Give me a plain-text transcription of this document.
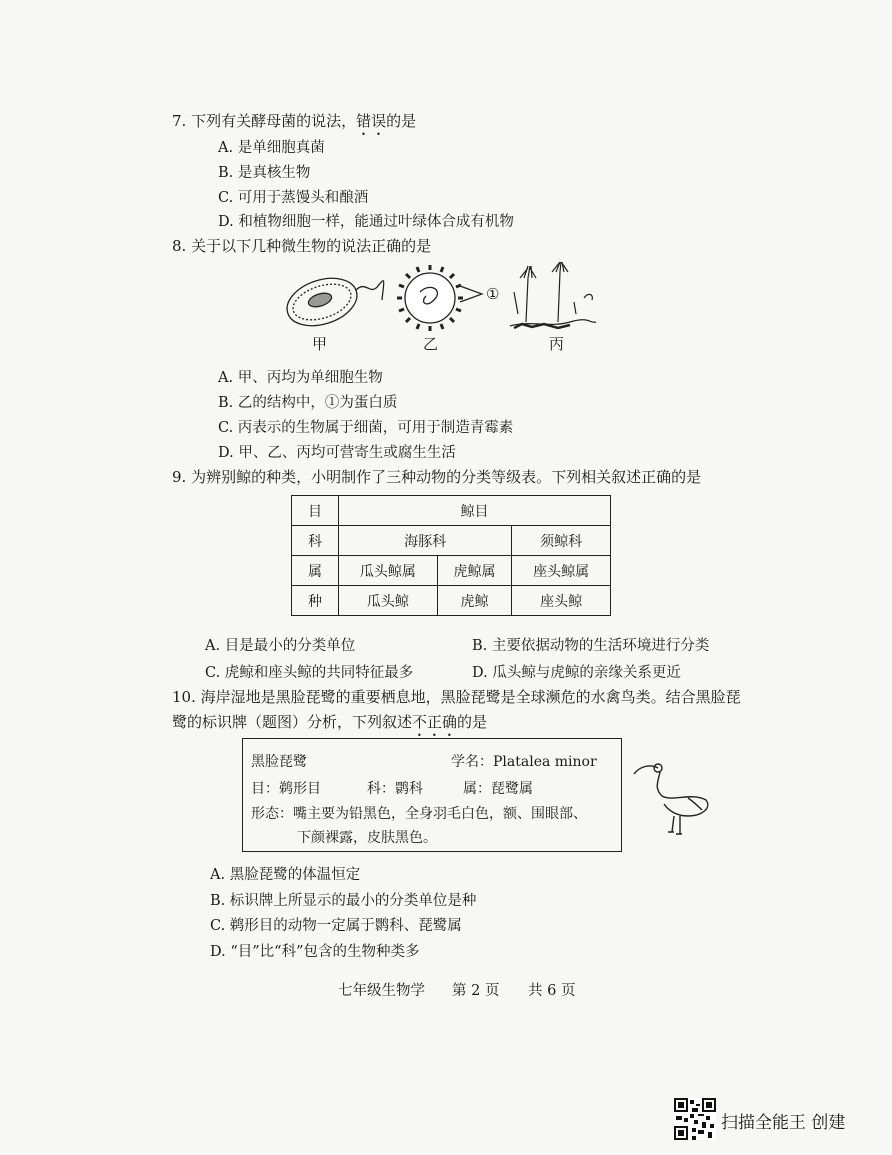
7. 下列有关酵母菌的说法，错误的是
A. 是单细胞真菌
B. 是真核生物
C. 可用于蒸馒头和酿酒
D. 和植物细胞一样，能通过叶绿体合成有机物
8. 关于以下几种微生物的说法正确的是
①
甲	乙	丙
A. 甲、丙均为单细胞生物
B. 乙的结构中，①为蛋白质
C. 丙表示的生物属于细菌，可用于制造青霉素
D. 甲、乙、丙均可营寄生或腐生生活
9. 为辨别鲸的种类，小明制作了三种动物的分类等级表。下列相关叙述正确的是
目	鲸目		
科	海豚科		须鲸科
属	瓜头鲸属	虎鲸属	座头鲸属
种	瓜头鲸	虎鲸	座头鲸
A. 目是最小的分类单位	B. 主要依据动物的生活环境进行分类
C. 虎鲸和座头鲸的共同特征最多	D. 瓜头鲸与虎鲸的亲缘关系更近
10. 海岸湿地是黑脸琵鹭的重要栖息地，黑脸琵鹭是全球濒危的水禽鸟类。结合黑脸琵
鹭的标识牌（题图）分析，下列叙述不正确的是
黑脸琵鹭	学名：Platalea minor
目：鹈形目	科：鹮科	属：琵鹭属
形态：嘴主要为铅黑色，全身羽毛白色，额、围眼部、
下颜裸露，皮肤黑色。
A. 黑脸琵鹭的体温恒定
B. 标识牌上所显示的最小的分类单位是种
C. 鹈形目的动物一定属于鹮科、琵鹭属
D. “目”比“科”包含的生物种类多
七年级生物学 第 2 页 共 6 页
扫描全能王 创建
